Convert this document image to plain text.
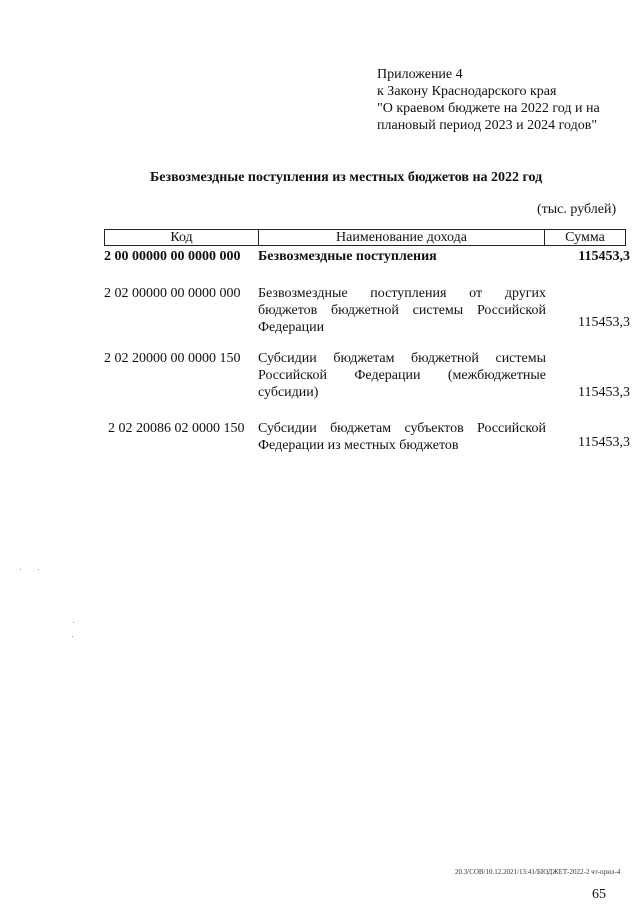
Приложение 4
к Закону Краснодарского края
"О краевом бюджете на 2022 год и на
плановый период 2023 и 2024 годов"
Безвозмездные поступления из местных бюджетов на 2022 год
(тыс. рублей)
Код	Наименование дохода	Сумма
2 00 00000 00 0000 000 Безвозмездные поступления	115453,3
2 02 00000 00 0000 000 Безвозмездные поступления от других бюджетов бюджетной системы Российской Федерации	115453,3
2 02 20000 00 0000 150 Субсидии бюджетам бюджетной системы Российской Федерации (межбюджетные субсидии)	115453,3
2 02 20086 02 0000 150 Субсидии бюджетам субъектов Российской Федерации из местных бюджетов	115453,3
20.3/СОВ/10.12.2021/13:41/БЮДЖЕТ-2022-2 чт-прил-4
65
